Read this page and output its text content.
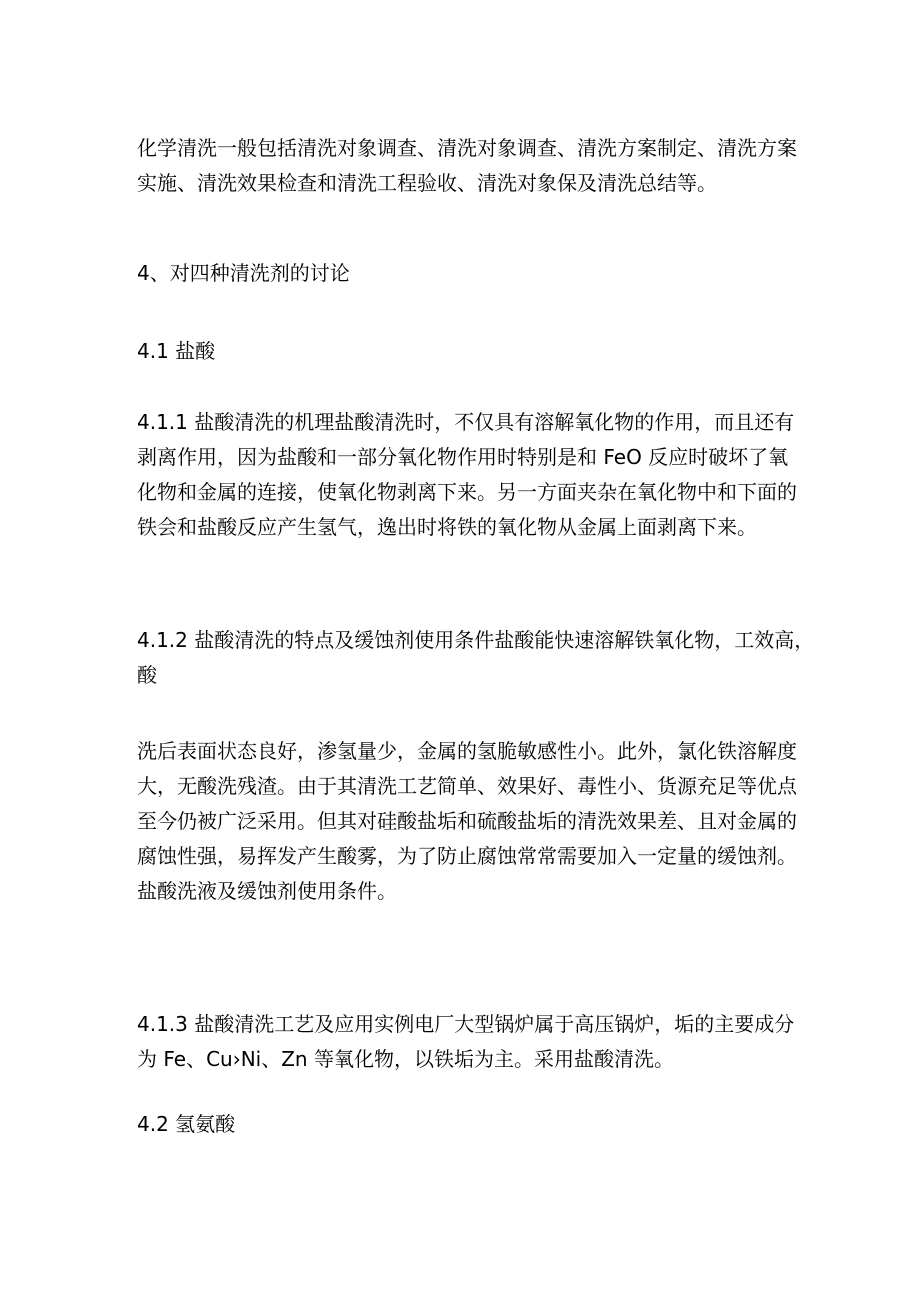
化学清洗一般包括清洗对象调查、清洗对象调查、清洗方案制定、清洗方案
实施、清洗效果检查和清洗工程验收、清洗对象保及清洗总结等。

4、对四种清洗剂的讨论

4.1 盐酸

4.1.1 盐酸清洗的机理盐酸清洗时，不仅具有溶解氧化物的作用，而且还有
剥离作用，因为盐酸和一部分氧化物作用时特别是和 FeO 反应时破坏了氧
化物和金属的连接，使氧化物剥离下来。另一方面夹杂在氧化物中和下面的
铁会和盐酸反应产生氢气，逸出时将铁的氧化物从金属上面剥离下来。

4.1.2 盐酸清洗的特点及缓蚀剂使用条件盐酸能快速溶解铁氧化物，工效高，
酸

洗后表面状态良好，渗氢量少，金属的氢脆敏感性小。此外，氯化铁溶解度
大，无酸洗残渣。由于其清洗工艺简单、效果好、毒性小、货源充足等优点
至今仍被广泛采用。但其对硅酸盐垢和硫酸盐垢的清洗效果差、且对金属的
腐蚀性强，易挥发产生酸雾，为了防止腐蚀常常需要加入一定量的缓蚀剂。
盐酸洗液及缓蚀剂使用条件。

4.1.3 盐酸清洗工艺及应用实例电厂大型锅炉属于高压锅炉，垢的主要成分
为 Fe、Cu›Ni、Zn 等氧化物，以铁垢为主。采用盐酸清洗。

4.2 氢氨酸
